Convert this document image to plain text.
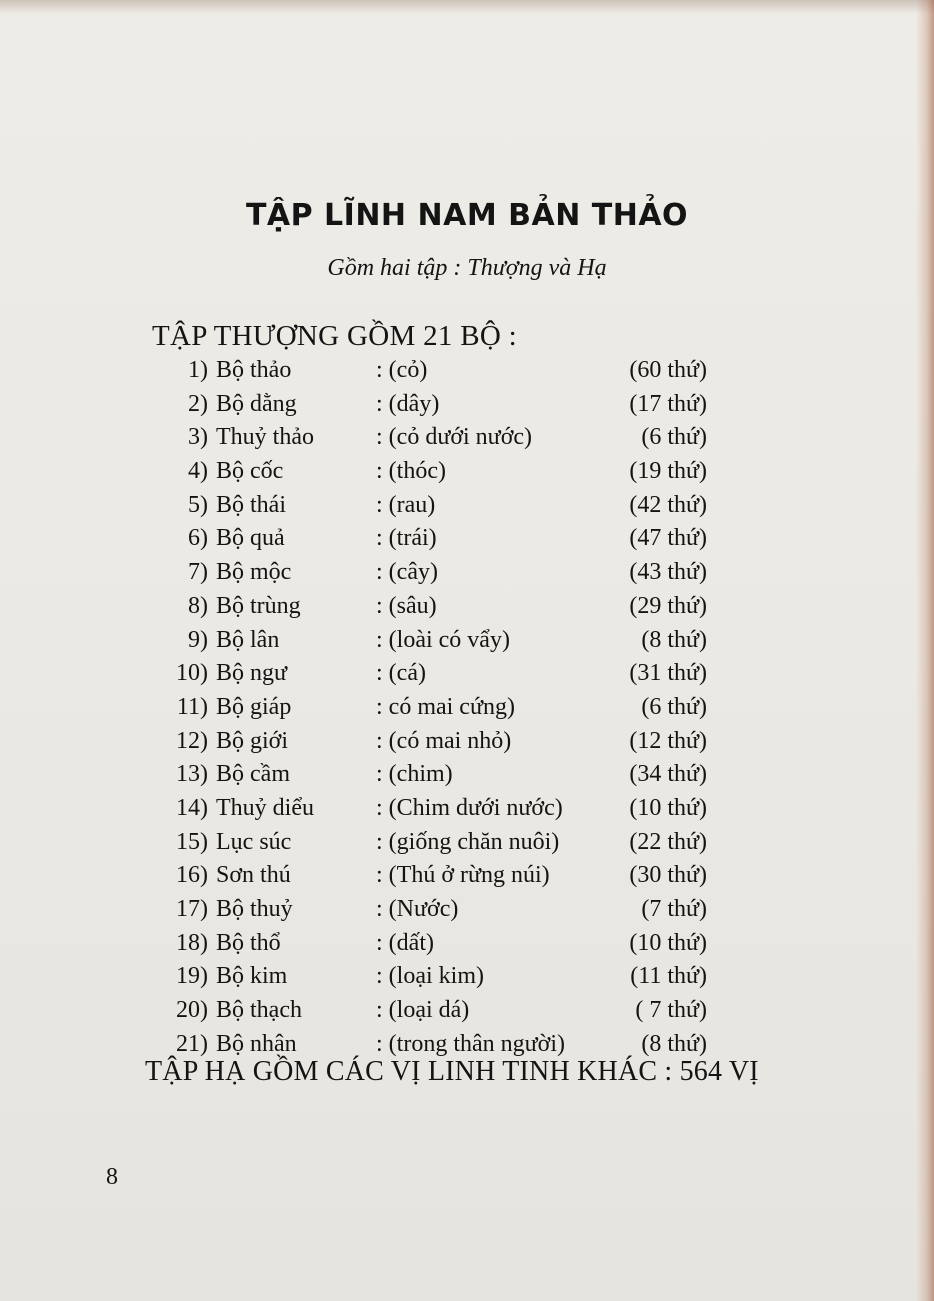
TẬP LĨNH NAM BẢN THẢO
Gồm hai tập : Thượng và Hạ
TẬP THƯỢNG GỒM 21 BỘ :
1) Bộ thảo	: (cỏ)	(60 thứ)
2) Bộ dằng	: (dây)	(17 thứ)
3) Thuỷ thảo	: (cỏ dưới nước)	(6 thứ)
4) Bộ cốc	: (thóc)	(19 thứ)
5) Bộ thái	: (rau)	(42 thứ)
6) Bộ quả	: (trái)	(47 thứ)
7) Bộ mộc	: (cây)	(43 thứ)
8) Bộ trùng	: (sâu)	(29 thứ)
9) Bộ lân	: (loài có vẩy)	(8 thứ)
10) Bộ ngư	: (cá)	(31 thứ)
11) Bộ giáp	: có mai cứng)	(6 thứ)
12) Bộ giới	: (có mai nhỏ)	(12 thứ)
13) Bộ cầm	: (chim)	(34 thứ)
14) Thuỷ diểu	: (Chim dưới nước)	(10 thứ)
15) Lục súc	: (giống chăn nuôi)	(22 thứ)
16) Sơn thú	: (Thú ở rừng núi)	(30 thứ)
17) Bộ thuỷ	: (Nước)	(7 thứ)
18) Bộ thổ	: (dất)	(10 thứ)
19) Bộ kim	: (loại kim)	(11 thứ)
20) Bộ thạch	: (loại dá)	( 7 thứ)
21) Bộ nhân	: (trong thân người)	(8 thứ)
TẬP HẠ GỒM CÁC VỊ LINH TINH KHÁC : 564 VỊ
8
